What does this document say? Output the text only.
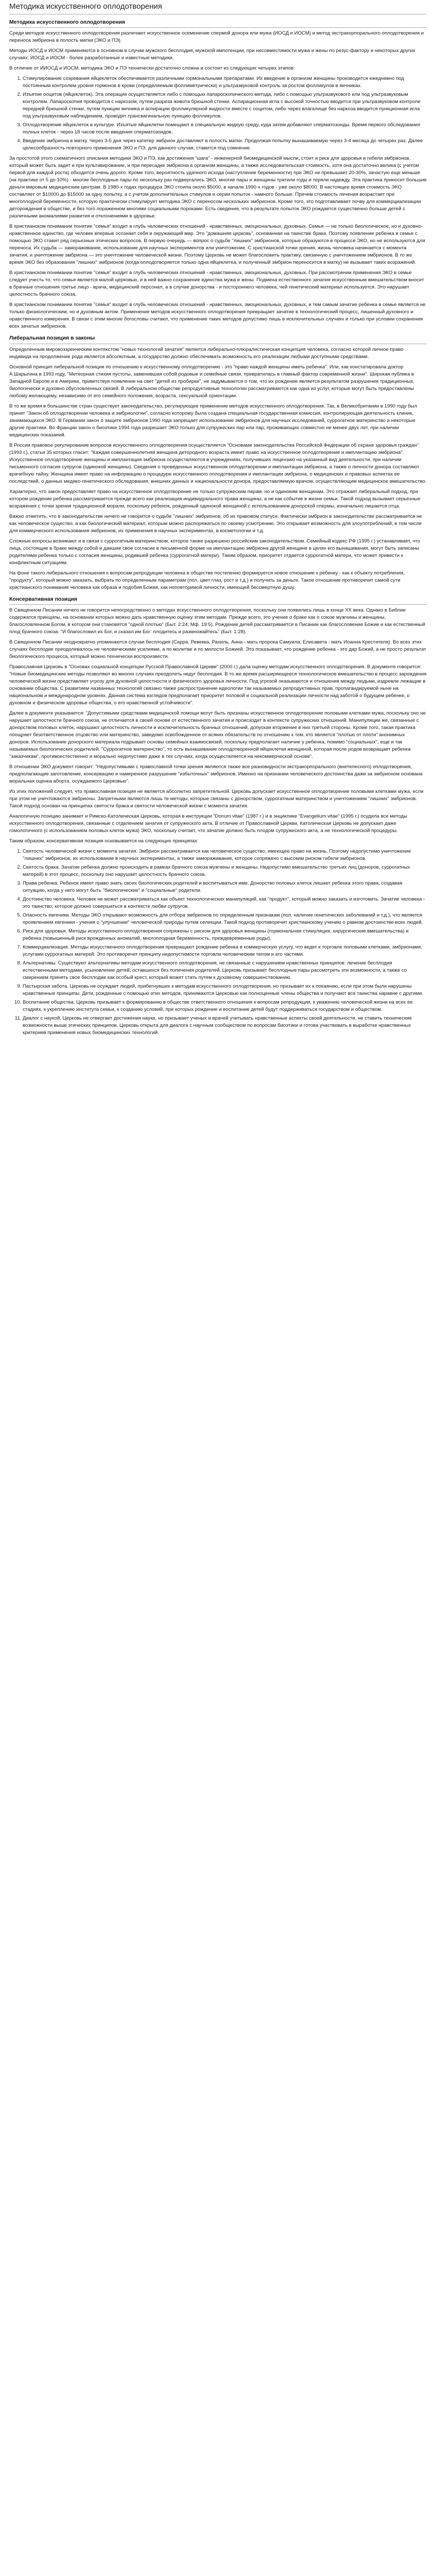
Методика искусственного оплодотворения
Методика искусственного оплодотворения

Среди методов искусственного оплодотворения различают искусственное осеменение спермой донора или мужа (ИОСД и ИОСМ) и метод экстракорпорального оплодотворения и переноса эмбриона в полость матки (ЭКО и ПЭ).

Методы ИОСД и ИОСМ применяются в основном в случае мужского бесплодия, мужской импотенции, при несовместимости мужа и жены по резус-фактору и некоторых других случаях; ИОСД и ИОСМ - более разработанные и известные методики.

В отличие от ИИОСД и ИОСМ, методика ЭКО и ПЭ технически достаточно сложна и состоит из следующих четырех этапов:

1. Стимулирование созревания яйцеклеток обеспечивается различными гормональными препаратами. Их введение в организм женщины производится ежедневно под постоянным контролем уровня гормонов в крови (определяемым фоллиметрически) и ультразвуковой контроль за ростом фолликулов в яичниках.
2. Изъятие ооцитов (яйцеклеток). Эта операция осуществляется либо с помощью лапароскопического метода, либо с помощью ультразвукового или под ультразвуковым контролем. Лапароскопия проводится с наркозом, путем разреза живота брюшной стенки. Аспирационная игла с высокой точностью вводится при ультразвуковом контроле передней брюшной стенки, путем пункции яичника и аспирации фолликулярной жидкости вместе с ооцитом, либо через влагалище без наркоза вводится пункционная игла под ультразвуковым наблюдением, проводят трансвагинальную пункцию фолликулов.
3. Оплодотворение яйцеклеток в культуре. Изъятые яйцеклетки помещают в специальную жидкую среду, куда затем добавляют сперматозоиды. Время первого обследования полных клеток - через 18 часов после введения сперматозоидов.
4. Введение эмбриона в матку. Через 3-5 дня через катетер эмбрион доставляют в полость матки. Продолжая попытку вынашиваемую через 3-4 месяца до четырех раз. Далее целесообразность повторного применения ЭКО и ПЭ, для данного случая, ставится под сомнение.

За простотой этого схематичного описания методики ЭКО и ПЭ, как достижения "шага" - инженерной биомедицинской мысли, стоит и риск для здоровья и гибели эмбрионов, который может быть задет и при культивировании, и при пересадке эмбриона в организм женщины, а также исследовательская стоимость, хотя она достаточно велика (с учетом первой для каждой роста) обходится очень дорого. Кроме того, вероятность удачного исхода (наступление беременности) при ЭКО не превышает 20-30%, зачастую еще меньше (на практике от 5 до 10%) - многие бесплодные пары по нескольку раз подвергались ЭКО, многие пары и женщины тратили годы и теряли надежду. Эта практика приносит большие деньги мировым медицинским центрам. В 1980-х годах процедура ЭКО стоила около $5000, в начале 1990-х годов - уже около $8000. В настоящее время стоимость ЭКО составляет от $10000 до $15000 за одну попытку, а с учетом дополнительных стимулов и серии попыток - намного больше. Причем стоимость лечения возрастает при многоплодной беременности, которую практически стимулирует методика ЭКО с переносом нескольких эмбрионов. Кроме того, это подготавливает почву для коммерциализации деторождения в обществе, и без того пораженном многими социальными пороками. Есть сведения, что в результате попыток ЭКО рождается существенно больше детей с различными аномалиями развития и отклонениями в здоровье.

В христианском понимании понятие "семья" входит в глубь человеческих отношений - нравственных, эмоциональных, духовных. Семья — не только биологическое, но и духовно-нравственное единство, где человек впервые осознает себя и окружающий мир. Это "домашняя церковь", основанная на таинстве брака. Поэтому появление ребенка в семье с помощью ЭКО ставит ряд серьезных этических вопросов. В первую очередь — вопрос о судьбе "лишних" эмбрионов, которые образуются в процессе ЭКО, но не используются для переноса. Их судьба — замораживание, использование для научных экспериментов или уничтожение. С христианской точки зрения, жизнь человека начинается с момента зачатия, и уничтожение эмбриона — это уничтожение человеческой жизни. Поэтому Церковь не может благословить практику, связанную с уничтожением эмбрионов. В то же время ЭКО без образования "лишних" эмбрионов (когда оплодотворяется только одна яйцеклетка, и полученный эмбрион переносится в матку) не вызывает таких возражений.

В христианском понимании понятие "семья" входит в глубь человеческих отношений - нравственных, эмоциональных, духовных. При рассмотрении применения ЭКО в семье следует учесть то, что семья является малой церковью, и в ней важно сохранение единства мужа и жены. Подмена естественного зачатия искусственным вмешательством вносит в брачные отношения третье лицо - врача, медицинский персонал, а в случае донорства - и постороннего человека, чей генетический материал используется. Это нарушает целостность брачного союза.

В христианском понимании понятие "семья" входит в глубь человеческих отношений - нравственных, эмоциональных, духовных, и тем самым зачатие ребенка в семье является не только физиологическим, но и духовным актом. Применение методов искусственного оплодотворения превращает зачатие в технологический процесс, лишенный духовного и нравственного измерения. В связи с этим многие богословы считают, что применение таких методов допустимо лишь в исключительных случаях и только при условии сохранения всех зачатых эмбрионов.

Либеральная позиция в законы

Определенным мировоззренческим контекстом "новых технологий зачатия" является либерально-плюралистическая концепция человека, согласно которой личное право индивида на продолжение рода является абсолютным, а государство должно обеспечивать возможность его реализации любыми доступными средствами.

Основной принцип либеральной позиции по отношению к искусственному оплодотворению - это "право каждой женщины иметь ребенка". Или, как констатировала доктор А.Шарыгина в 1993 году, "Метеорная стихия пустоты, заменившая собой родовые и семейные связи, превратилась в главный фактор современной жизни". Широкая публика в Западной Европе и в Америке, приветствуя появление на свет "детей из пробирки", не задумывается о том, что их рождение является результатом разрушения традиционных, биологически и духовно обусловленных связей. В либеральном обществе репродуктивные технологии рассматриваются как одна из услуг, которые могут быть предоставлены любому желающему, независимо от его семейного положения, возраста, сексуальной ориентации.

В то же время в большинстве стран существует законодательство, регулирующее применение методов искусственного оплодотворения. Так, в Великобритании в 1990 году был принят "Закон об оплодотворении человека и эмбриологии", согласно которому была создана специальная государственная комиссия, контролирующая деятельность клиник, занимающихся ЭКО. В Германии закон о защите эмбрионов 1990 года запрещает использование эмбрионов для научных исследований, суррогатное материнство и некоторые другие практики. Во Франции закон о биоэтике 1994 года разрешает ЭКО только для супружеских пар или пар, проживающих совместно не менее двух лет, при наличии медицинских показаний.

В России правовое регулирование вопросов искусственного оплодотворения осуществляется "Основами законодательства Российской Федерации об охране здоровья граждан" (1993 г.), статья 35 которых гласит: "Каждая совершеннолетняя женщина детородного возраста имеет право на искусственное оплодотворение и имплантацию эмбриона". Искусственное оплодотворение женщины и имплантация эмбриона осуществляются в учреждениях, получивших лицензию на указанный вид деятельности, при наличии письменного согласия супругов (одинокой женщины). Сведения о проведенных искусственном оплодотворении и имплантации эмбриона, а также о личности донора составляют врачебную тайну. Женщина имеет право на информацию о процедуре искусственного оплодотворения и имплантации эмбриона, о медицинских и правовых аспектах ее последствий, о данных медико-генетического обследования, внешних данных и национальности донора, предоставляемую врачом, осуществляющим медицинское вмешательство.

Характерно, что закон предоставляет право на искусственное оплодотворение не только супружеским парам, но и одиноким женщинам. Это отражает либеральный подход, при котором рождение ребенка рассматривается прежде всего как реализация индивидуального права женщины, а не как событие в жизни семьи. Такой подход вызывает серьезные возражения с точки зрения традиционной морали, поскольку ребенок, рожденный одинокой женщиной с использованием донорской спермы, изначально лишается отца.

Важно отметить, что в законодательстве ничего не говорится о судьбе "лишних" эмбрионов, об их правовом статусе. Фактически эмбрион в законодательстве рассматривается не как человеческое существо, а как биологический материал, которым можно распоряжаться по своему усмотрению. Это открывает возможность для злоупотреблений, в том числе для коммерческого использования эмбрионов, их применения в научных экспериментах, в косметологии и т.д.

Сложные вопросы возникают и в связи с суррогатным материнством, которое также разрешено российским законодательством. Семейный кодекс РФ (1995 г.) устанавливает, что лица, состоящие в браке между собой и давшие свое согласие в письменной форме на имплантацию эмбриона другой женщине в целях его вынашивания, могут быть записаны родителями ребенка только с согласия женщины, родившей ребенка (суррогатной матери). Таким образом, приоритет отдается суррогатной матери, что может привести к конфликтным ситуациям.

На фоне такого либерального отношения к вопросам репродукции человека в обществе постепенно формируется новое отношение к ребенку - как к объекту потребления, "продукту", который можно заказать, выбрать по определенным параметрам (пол, цвет глаз, рост и т.д.) и получить за деньги. Такое отношение противоречит самой сути христианского понимания человека как образа и подобия Божия, как неповторимой личности, имеющей бессмертную душу.

Консервативная позиция

В Священном Писании ничего не говорится непосредственно о методах искусственного оплодотворения, поскольку они появились лишь в конце XX века. Однако в Библии содержатся принципы, на основании которых можно дать нравственную оценку этим методам. Прежде всего, это учение о браке как о союзе мужчины и женщины, благословленном Богом, в котором они становятся "одной плотью" (Быт. 2:24; Мф. 19:5). Рождение детей рассматривается в Писании как благословение Божие и как естественный плод брачного союза: "И благословил их Бог, и сказал им Бог: плодитесь и размножайтесь" (Быт. 1:28).

В Священном Писании неоднократно упоминаются случаи бесплодия (Сарра, Ревекка, Рахиль, Анна - мать пророка Самуила, Елисавета - мать Иоанна Крестителя). Во всех этих случаях бесплодие преодолевалось не человеческими усилиями, а по молитве и по милости Божией. Это показывает, что рождение ребенка - это дар Божий, а не просто результат биологического процесса, который можно технически воспроизвести.

Православная Церковь в "Основах социальной концепции Русской Православной Церкви" (2000 г.) дала оценку методам искусственного оплодотворения. В документе говорится: "Новые биомедицинские методы позволяют во многих случаях преодолеть недуг бесплодия. В то же время расширяющееся технологическое вмешательство в процесс зарождения человеческой жизни представляет угрозу для духовной целостности и физического здоровья личности. Под угрозой оказываются и отношения между людьми, издревле лежащие в основании общества. С развитием названных технологий связано также распространение идеологии так называемых репродуктивных прав, пропагандируемой ныне на национальном и международном уровнях. Данная система взглядов предполагает приоритет половой и социальной реализации личности над заботой о будущем ребенке, о духовном и физическом здоровье общества, о его нравственной устойчивости".

Далее в документе указывается: "Допустимыми средствами медицинской помощи могут быть признаны искусственное оплодотворение половыми клетками мужа, поскольку оно не нарушает целостности брачного союза, не отличается в своей основе от естественного зачатия и происходит в контексте супружеских отношений. Манипуляции же, связанные с донорством половых клеток, нарушают целостность личности и исключительность брачных отношений, допуская вторжение в них третьей стороны. Кроме того, такая практика поощряет безответственное отцовство или материнство, заведомо освобожденное от всяких обязательств по отношению к тем, кто является "плотью от плоти" анонимных доноров. Использование донорского материала подрывает основы семейных взаимосвязей, поскольку предполагает наличие у ребенка, помимо "социальных", еще и так называемых биологических родителей. "Суррогатное материнство", то есть вынашивание оплодотворенной яйцеклетки женщиной, которая после родов возвращает ребенка "заказчикам", противоестественно и морально недопустимо даже в тех случаях, когда осуществляется на некоммерческой основе".

В отношении ЭКО документ говорит: "Недопустимыми с православной точки зрения являются также все разновидности экстракорпорального (внетелесного) оплодотворения, предполагающие заготовление, консервацию и намеренное разрушение "избыточных" эмбрионов. Именно на признании человеческого достоинства даже за эмбрионом основана моральная оценка аборта, осуждаемого Церковью".

Из этих положений следует, что православная позиция не является абсолютно запретительной. Церковь допускает искусственное оплодотворение половыми клетками мужа, если при этом не уничтожаются эмбрионы. Запретными являются лишь те методы, которые связаны с донорством, суррогатным материнством и уничтожением "лишних" эмбрионов. Такой подход основан на принципах святости брака и святости человеческой жизни с момента зачатия.

Аналогичную позицию занимает и Римско-Католическая Церковь, которая в инструкции "Donum vitae" (1987 г.) и в энциклике "Evangelium vitae" (1995 г.) осудила все методы искусственного оплодотворения, связанные с отделением зачатия от супружеского акта. В отличие от Православной Церкви, Католическая Церковь не допускает даже гомологичного (с использованием половых клеток мужа) ЭКО, поскольку считает, что зачатие должно быть плодом супружеского акта, а не технологической процедуры.

Таким образом, консервативная позиция основывается на следующих принципах:

1. Святость человеческой жизни с момента зачатия. Эмбрион рассматривается как человеческое существо, имеющее право на жизнь. Поэтому недопустимо уничтожение "лишних" эмбрионов, их использование в научных экспериментах, а также замораживание, которое сопряжено с высоким риском гибели эмбрионов.
2. Святость брака. Зачатие ребенка должно происходить в рамках брачного союза мужчины и женщины. Недопустимо вмешательство третьих лиц (доноров, суррогатных матерей) в этот процесс, поскольку оно нарушает целостность брачного союза.
3. Права ребенка. Ребенок имеет право знать своих биологических родителей и воспитываться ими. Донорство половых клеток лишает ребенка этого права, создавая ситуацию, когда у него могут быть "биологические" и "социальные" родители.
4. Достоинство человека. Человек не может рассматриваться как объект технологических манипуляций, как "продукт", который можно заказать и изготовить. Зачатие человека - это таинство, которое должно совершаться в контексте любви супругов.
5. Опасность евгеники. Методы ЭКО открывают возможность для отбора эмбрионов по определенным признакам (пол, наличие генетических заболеваний и т.д.), что является проявлением евгеники - учения о "улучшении" человеческой природы путем селекции. Такой подход противоречит христианскому учению о равном достоинстве всех людей.
6. Риск для здоровья. Методы искусственного оплодотворения сопряжены с риском для здоровья женщины (гормональная стимуляция, хирургические вмешательства) и ребенка (повышенный риск врожденных аномалий, многоплодная беременность, преждевременные роды).
7. Коммерциализация. Методы искусственного оплодотворения превращают рождение ребенка в коммерческую услугу, что ведет к торговле половыми клетками, эмбрионами, услугами суррогатных матерей. Это противоречит принципу недопустимости торговли человеческим телом и его частями.
8. Альтернативы. Существуют альтернативы методам искусственного оплодотворения, не связанные с нарушением нравственных принципов: лечение бесплодия естественными методами, усыновление детей, оставшихся без попечения родителей. Церковь призывает бесплодные пары рассмотреть эти возможности, а также со смирением принять свое бесплодие как особый крест, который может стать путем к духовному совершенствованию.
9. Пастырская забота. Церковь не осуждает людей, прибегнувших к методам искусственного оплодотворения, но призывает их к покаянию, если при этом были нарушены нравственные принципы. Дети, рожденные с помощью этих методов, принимаются Церковью как полноценные члены общества и получают все таинства наравне с другими.
10. Воспитание общества. Церковь призывает к формированию в обществе ответственного отношения к вопросам репродукции, к уважению человеческой жизни на всех ее стадиях, к укреплению института семьи, к созданию условий, при которых рождение и воспитание детей будут поддерживаться государством и обществом.
11. Диалог с наукой. Церковь не отвергает достижения науки, но призывает ученых и врачей учитывать нравственные аспекты своей деятельности, не ставить технические возможности выше этических принципов. Церковь открыта для диалога с научным сообществом по вопросам биоэтики и готова участвовать в выработке нравственных критериев применения новых биомедицинских технологий.
